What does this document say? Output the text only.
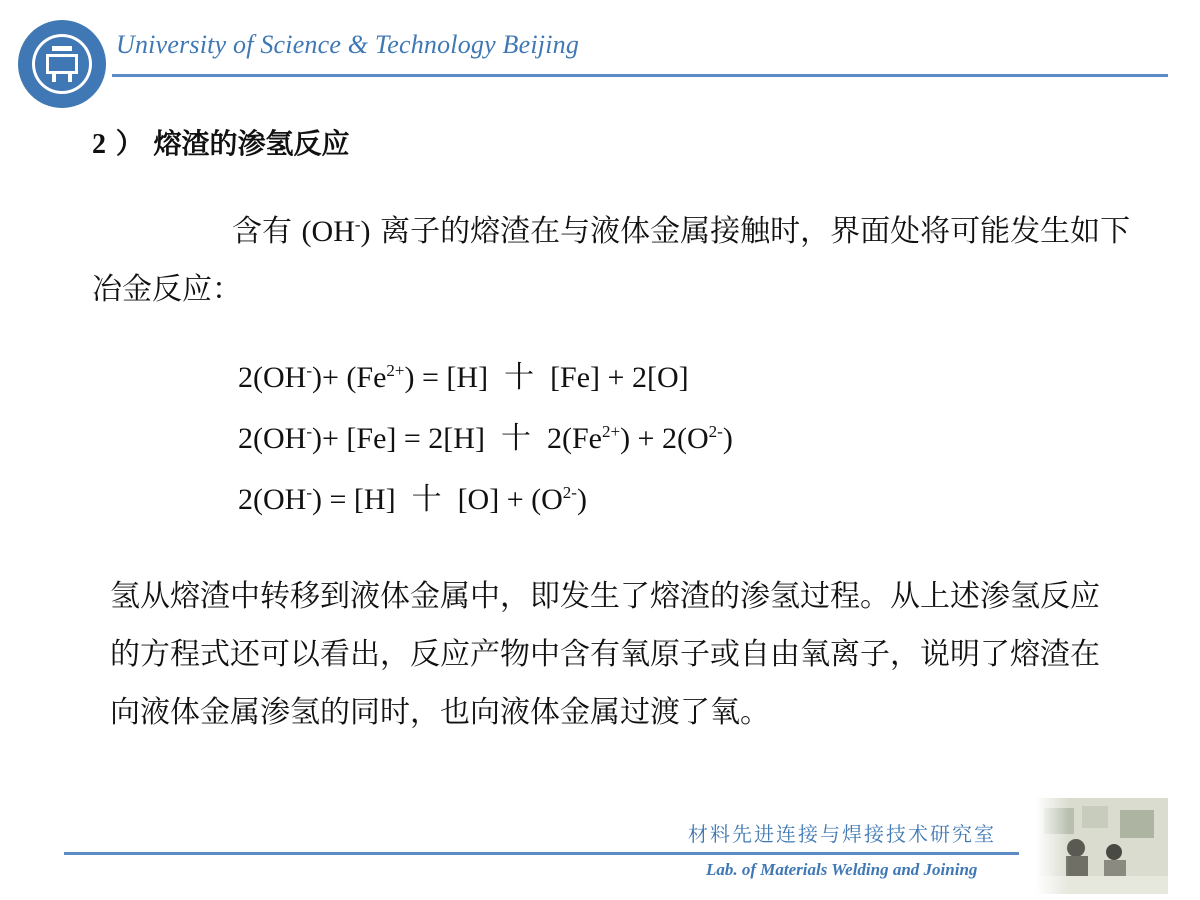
University of Science & Technology Beijing
2 ） 熔渣的渗氢反应
含有 (OH-) 离子的熔渣在与液体金属接触时，界面处将可能发生如下冶金反应：
$2(OH^-)+ (Fe^{2+}) = [H]$ 十 [Fe] + 2[O]
2(OH-)+ [Fe] = 2[H] 十 $2(Fe^{2+}) + 2(O^{2-})$
2(OH-) = [H] 十 $[O] + (O^{2-})$
氢从熔渣中转移到液体金属中，即发生了熔渣的渗氢过程。从上述渗氢反应的方程式还可以看出，反应产物中含有氧原子或自由氧离子，说明了熔渣在向液体金属渗氢的同时，也向液体金属过渡了氧。
材料先进连接与焊接技术研究室
Lab. of Materials Welding and Joining
